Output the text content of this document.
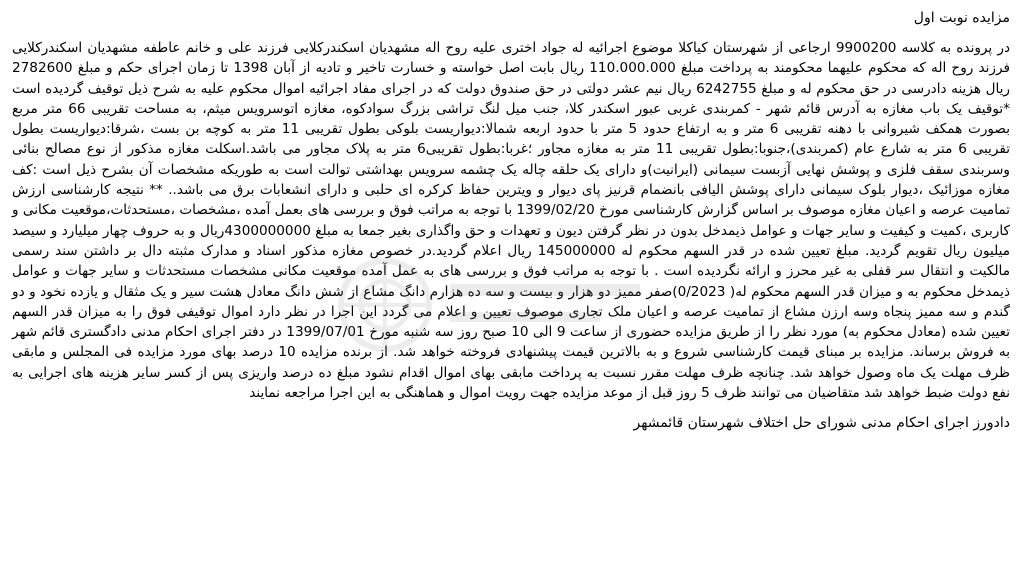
مزایده نوبت اول

در پرونده به کلاسه 9900200 ارجاعی از شهرستان کیاکلا موضوع اجرائیه له جواد اختری علیه روح اله مشهدیان اسکندرکلایی فرزند علی و خانم عاطفه مشهدیان اسکندرکلایی فرزند روح اله که محکوم علیهما محکومند به پرداخت مبلغ 110.000.000 ریال بابت اصل خواسته و خسارت تاخیر و تادیه از آبان 1398 تا زمان اجرای حکم و مبلغ 2782600 ریال هزینه دادرسی در حق محکوم له و مبلغ 6242755 ریال نیم عشر دولتی در حق صندوق دولت که در اجرای مفاد اجرائیه اموال محکوم علیه به شرح ذیل توقیف گردیده است *توقیف یک باب مغازه به آدرس قائم شهر - کمربندی غربی عبور اسکندر کلا، جنب میل لنگ تراشی بزرگ سوادکوه، مغازه اتوسرویس میثم، به مساحت تقریبی 66 متر مربع بصورت همکف شیروانی با دهنه تقریبی 6 متر و به ارتفاع حدود 5 متر با حدود اربعه شمالا:دیواریست بلوکی بطول تقریبی 11 متر به کوچه بن بست ،شرقا:دیواریست بطول تقریبی 6 متر به شارع عام (کمربندی)،جنوبا:بطول تقریبی 11 متر به مغازه مجاور ؛غربا:بطول تقریبی6 متر به پلاک مجاور می باشد.اسکلت مغازه مذکور از نوع مصالح بنائی وسربندی سقف فلزی و پوشش نهایی آزبست سیمانی (ایرانیت)و دارای یک حلقه چاله یک چشمه سرویس بهداشتی توالت است به طوریکه مشخصات آن بشرح ذیل است :کف مغازه موزائیک ،دیوار بلوک سیمانی دارای پوشش الیافی بانضمام قرنیز پای دیوار و ویترین حفاظ کرکره ای حلبی و دارای انشعابات برق می باشد.. ** نتیجه کارشناسی ارزش تمامیت عرصه و اعیان مغازه موصوف بر اساس گزارش کارشناسی مورخ 1399/02/20 با توجه به مراتب فوق و بررسی های بعمل آمده ،مشخصات ،مستحدثات،موقعیت مکانی و کاربری ،کمیت و کیفیت و سایر جهات و عوامل ذیمدخل بدون در نظر گرفتن دیون و تعهدات و حق واگذاری بغیر جمعا به مبلغ 4300000000ریال و به حروف چهار میلیارد و سیصد میلیون ریال تقویم گردید. مبلغ تعیین شده در قدر السهم محکوم له 145000000 ریال اعلام گردید.در خصوص مغازه مذکور اسناد و مدارک مثبته دال بر داشتن سند رسمی مالکیت و انتقال سر قفلی به غیر محرز و ارائه نگردیده است . با توجه به مراتب فوق و بررسی های به عمل آمده موقعیت مکانی مشخصات مستحدثات و سایر جهات و عوامل ذیمدخل محکوم به و میزان قدر السهم محکوم له( 0/2023)صفر ممیز دو هزار و بیست و سه ده هزارم دانگ مشاع از شش دانگ معادل هشت سیر و یک مثقال و یازده نخود و دو گندم و سه ممیز پنجاه وسه ارزن مشاع از تمامیت عرصه و اعیان ملک تجاری موصوف تعیین و اعلام می گردد این اجرا در نظر دارد اموال توقیفی فوق را به میزان قدر السهم تعیین شده (معادل محکوم به) مورد نظر را از طریق مزایده حضوری از ساعت 9 الی 10 صبح روز سه شنبه مورخ 1399/07/01 در دفتر اجرای احکام مدنی دادگستری قائم شهر به فروش برساند. مزایده بر مبنای قیمت کارشناسی شروع و به بالاترین قیمت پیشنهادی فروخته خواهد شد. از برنده مزایده 10 درصد بهای مورد مزایده فی المجلس و مابقی ظرف مهلت یک ماه وصول خواهد شد. چنانچه ظرف مهلت مقرر نسبت به پرداخت مابقی بهای اموال اقدام نشود مبلغ ده درصد واریزی پس از کسر سایر هزینه های اجرایی به نفع دولت ضبط خواهد شد متقاضیان می توانند ظرف 5 روز قبل از موعد مزایده جهت رویت اموال و هماهنگی به این اجرا مراجعه نمایند

دادورز اجرای احکام مدنی شورای حل اختلاف شهرستان قائمشهر
